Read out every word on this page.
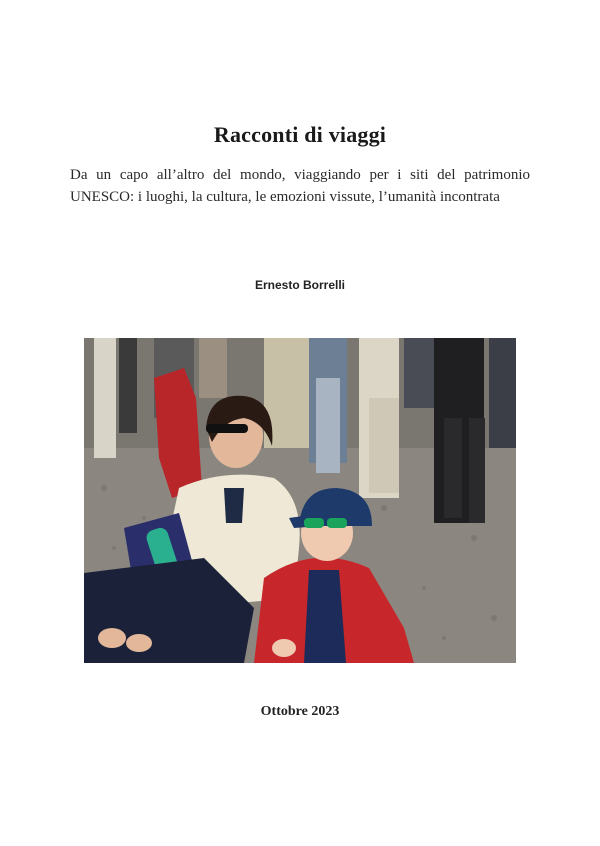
Racconti di viaggi
Da un capo all’altro del mondo, viaggiando per i siti del patrimonio UNESCO: i luoghi, la cultura, le emozioni vissute, l’umanità incontrata
Ernesto Borrelli
Ottobre 2023
